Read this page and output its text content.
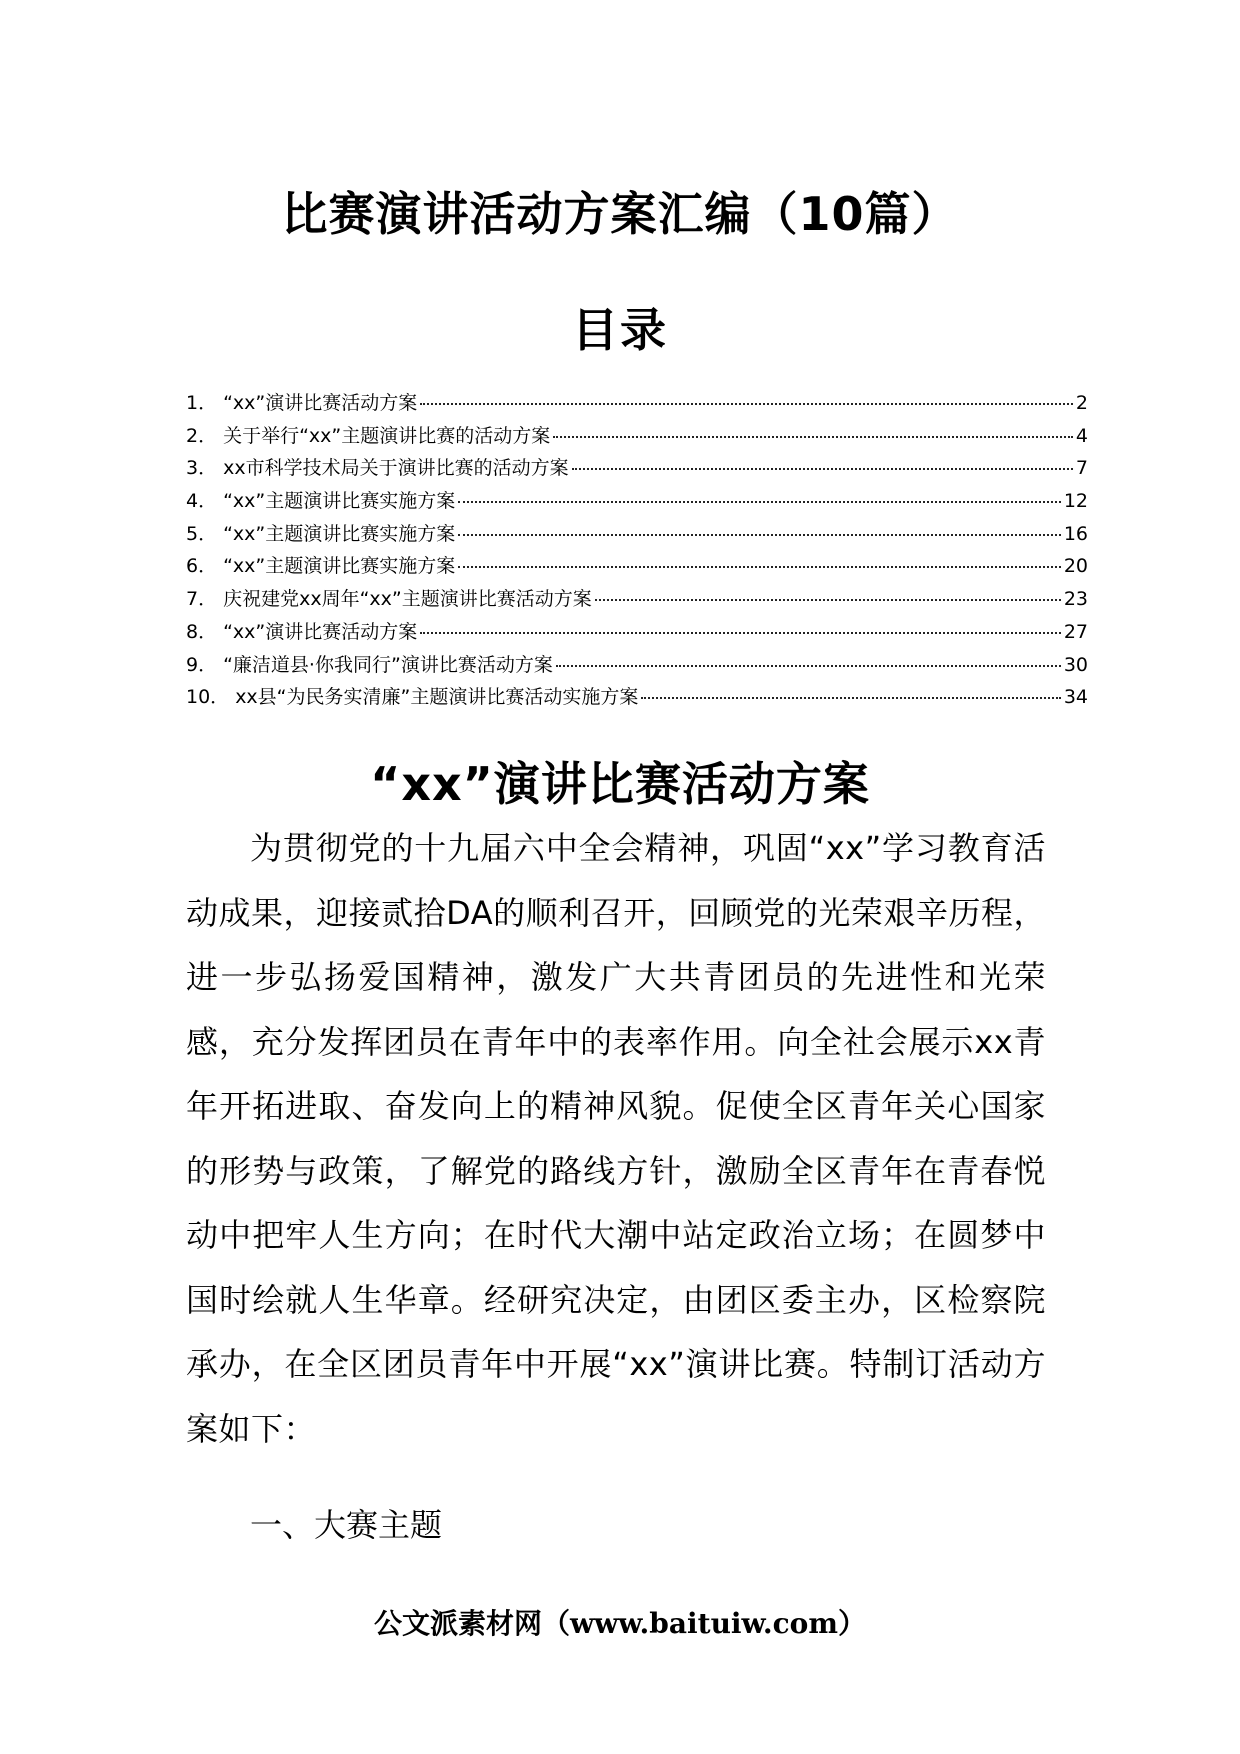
比赛演讲活动方案汇编（10篇）
目录
1． “xx”演讲比赛活动方案	2
2． 关于举行“xx”主题演讲比赛的活动方案	4
3． xx市科学技术局关于演讲比赛的活动方案	7
4． “xx”主题演讲比赛实施方案	12
5． “xx”主题演讲比赛实施方案	16
6． “xx”主题演讲比赛实施方案	20
7． 庆祝建党xx周年“xx”主题演讲比赛活动方案	23
8． “xx”演讲比赛活动方案	27
9． “廉洁道县·你我同行”演讲比赛活动方案	30
10． xx县“为民务实清廉”主题演讲比赛活动实施方案	34
“xx”演讲比赛活动方案
为贯彻党的十九届六中全会精神，巩固“xx”学习教育活动成果，迎接贰拾DA的顺利召开，回顾党的光荣艰辛历程，进一步弘扬爱国精神，激发广大共青团员的先进性和光荣感，充分发挥团员在青年中的表率作用。向全社会展示xx青年开拓进取、奋发向上的精神风貌。促使全区青年关心国家的形势与政策，了解党的路线方针，激励全区青年在青春悦动中把牢人生方向；在时代大潮中站定政治立场；在圆梦中国时绘就人生华章。经研究决定，由团区委主办，区检察院承办，在全区团员青年中开展“xx”演讲比赛。特制订活动方案如下：
一、大赛主题
公文派素材网（www.baituiw.com）
